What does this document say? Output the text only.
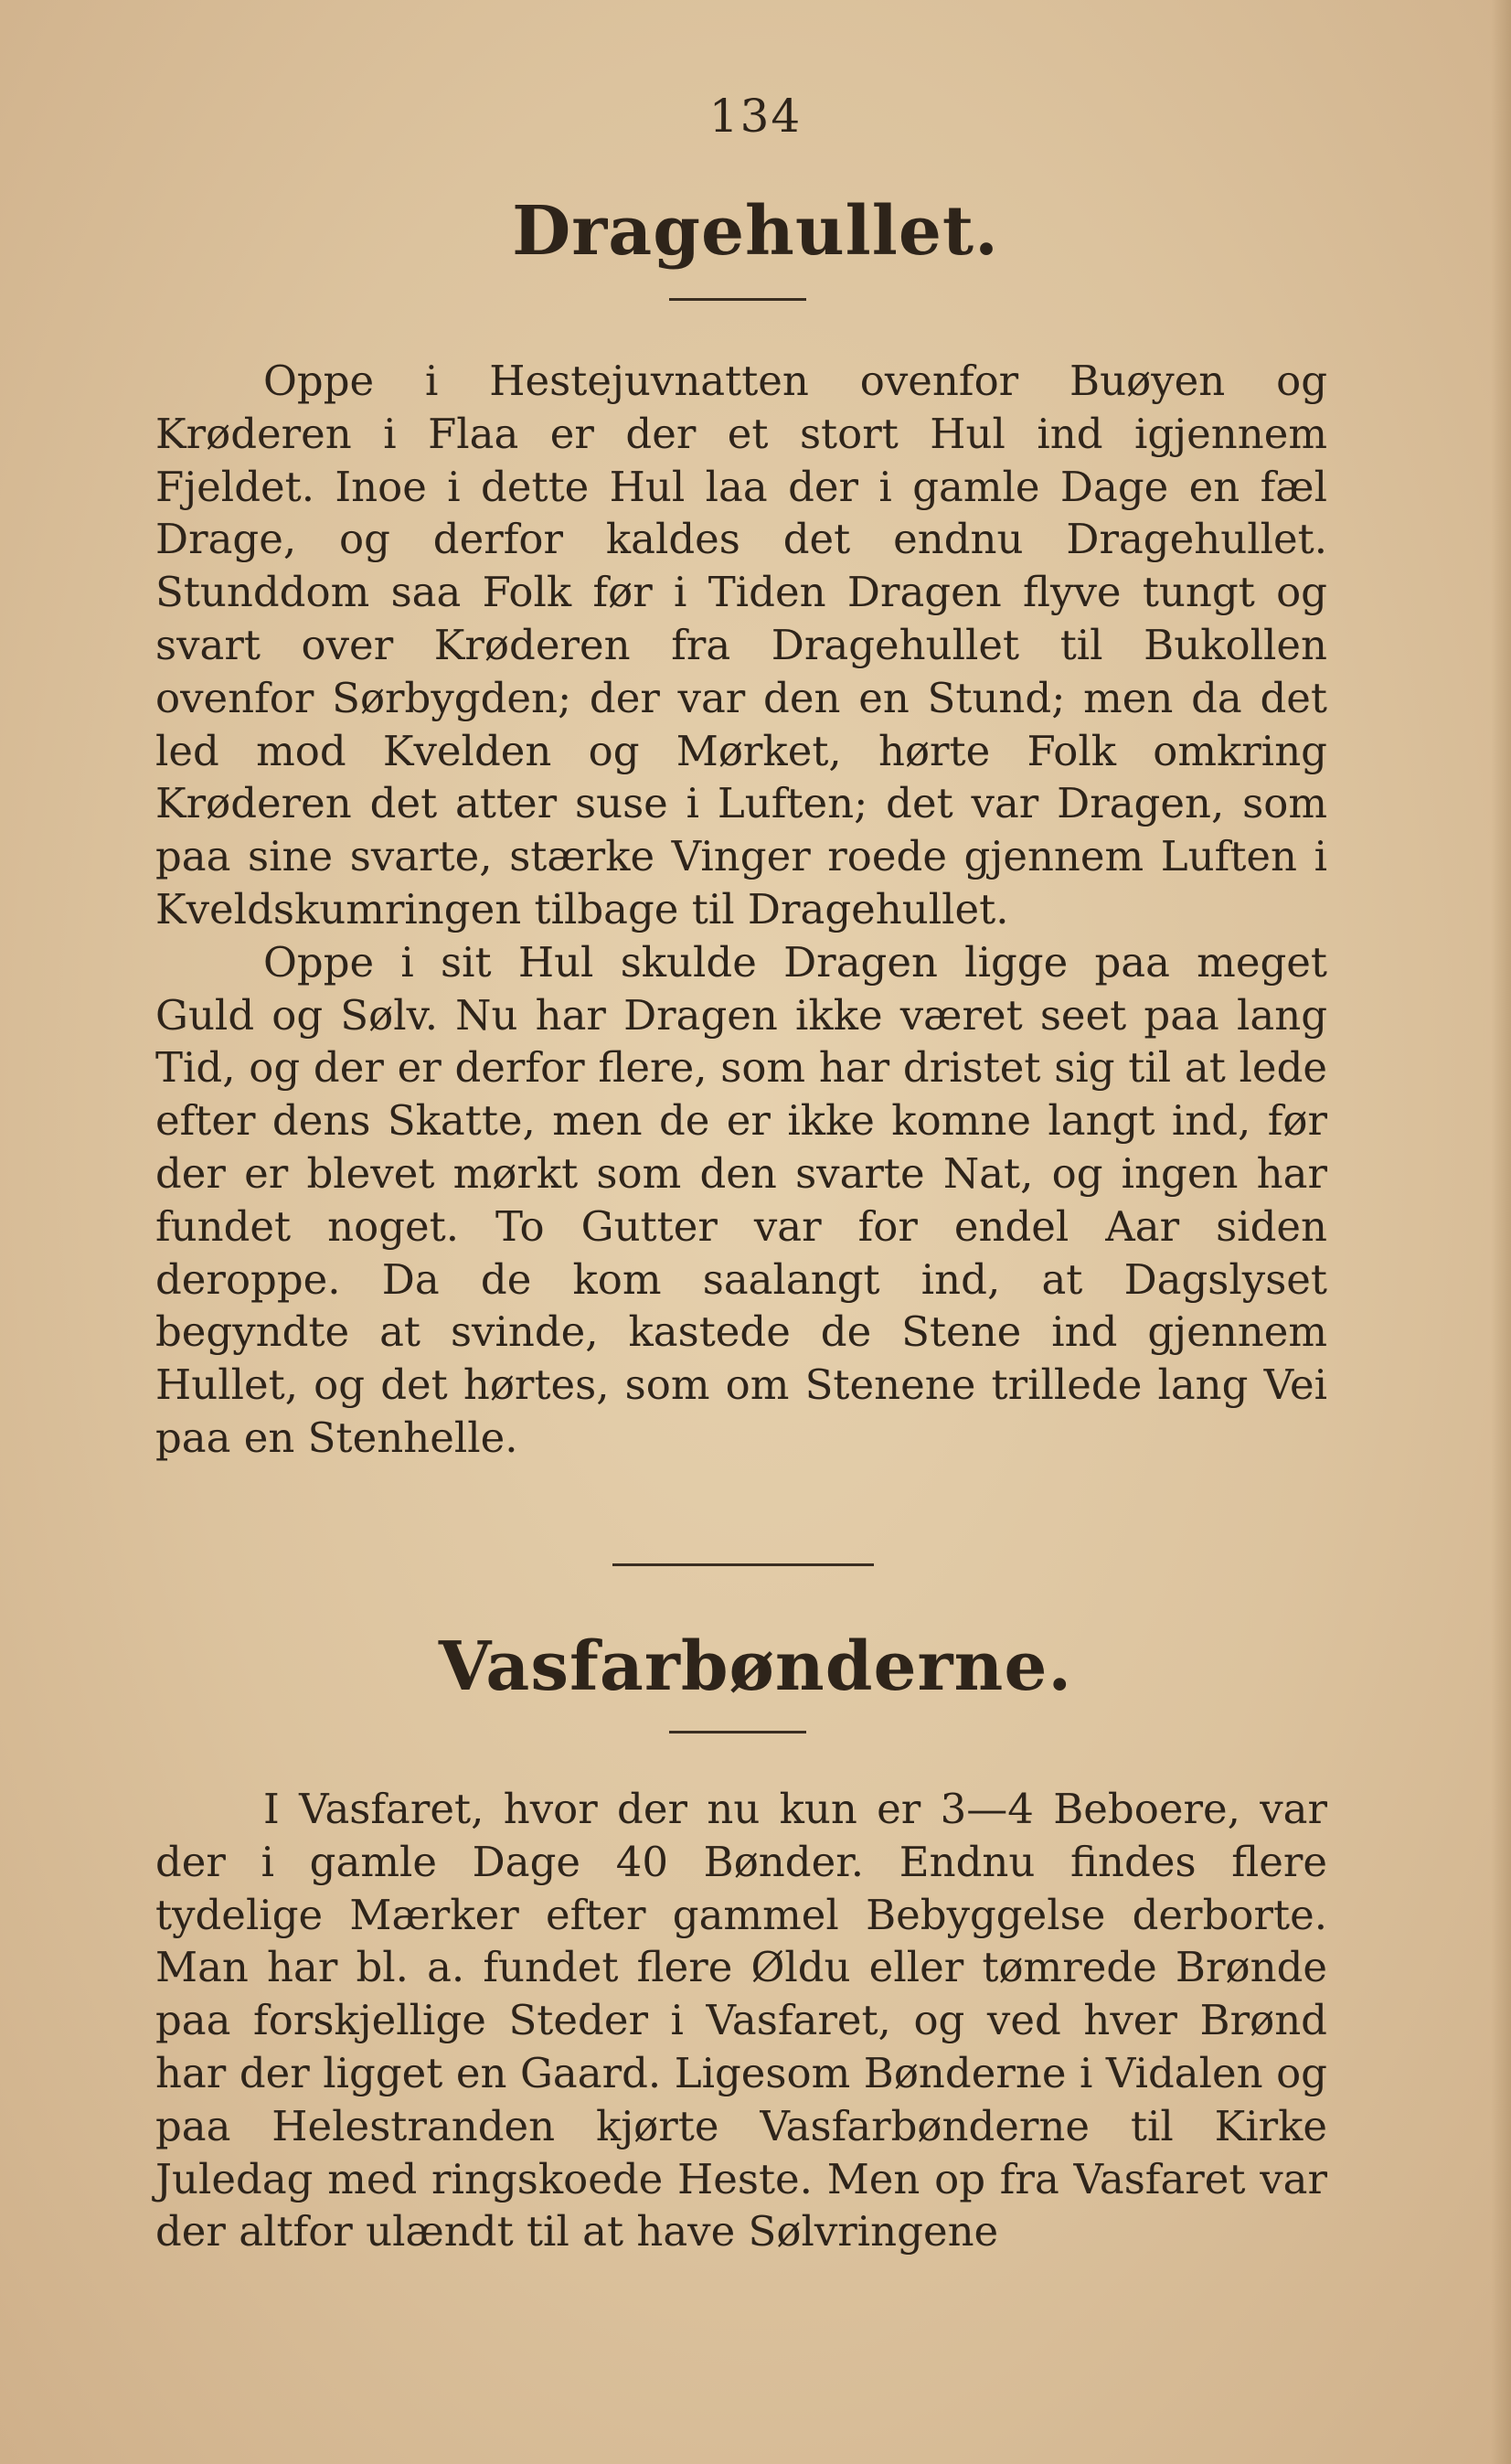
134
Dragehullet.

Oppe i Hestejuvnatten ovenfor Buøyen og Krøderen i Flaa er der et stort Hul ind igjennem Fjeldet. Inoe i dette Hul laa der i gamle Dage en fæl Drage, og derfor kaldes det endnu Dragehullet. Stunddom saa Folk før i Tiden Dragen flyve tungt og svart over Krøderen fra Dragehullet til Bukollen ovenfor Sørbygden; der var den en Stund; men da det led mod Kvelden og Mørket, hørte Folk omkring Krøderen det atter suse i Luften; det var Dragen, som paa sine svarte, stærke Vinger roede gjennem Luften i Kveldskumringen tilbage til Dragehullet.

Oppe i sit Hul skulde Dragen ligge paa meget Guld og Sølv. Nu har Dragen ikke været seet paa lang Tid, og der er derfor flere, som har dristet sig til at lede efter dens Skatte, men de er ikke komne langt ind, før der er blevet mørkt som den svarte Nat, og ingen har fundet noget. To Gutter var for endel Aar siden deroppe. Da de kom saalangt ind, at Dagslyset begyndte at svinde, kastede de Stene ind gjennem Hullet, og det hørtes, som om Stenene trillede lang Vei paa en Stenhelle.

Vasfarbønderne.

I Vasfaret, hvor der nu kun er 3—4 Beboere, var der i gamle Dage 40 Bønder. Endnu findes flere tydelige Mærker efter gammel Bebyggelse derborte. Man har bl. a. fundet flere Øldu eller tømrede Brønde paa forskjellige Steder i Vasfaret, og ved hver Brønd har der ligget en Gaard. Ligesom Bønderne i Vidalen og paa Helestranden kjørte Vasfarbønderne til Kirke Juledag med ringskoede Heste. Men op fra Vasfaret var der altfor ulændt til at have Sølvringene
